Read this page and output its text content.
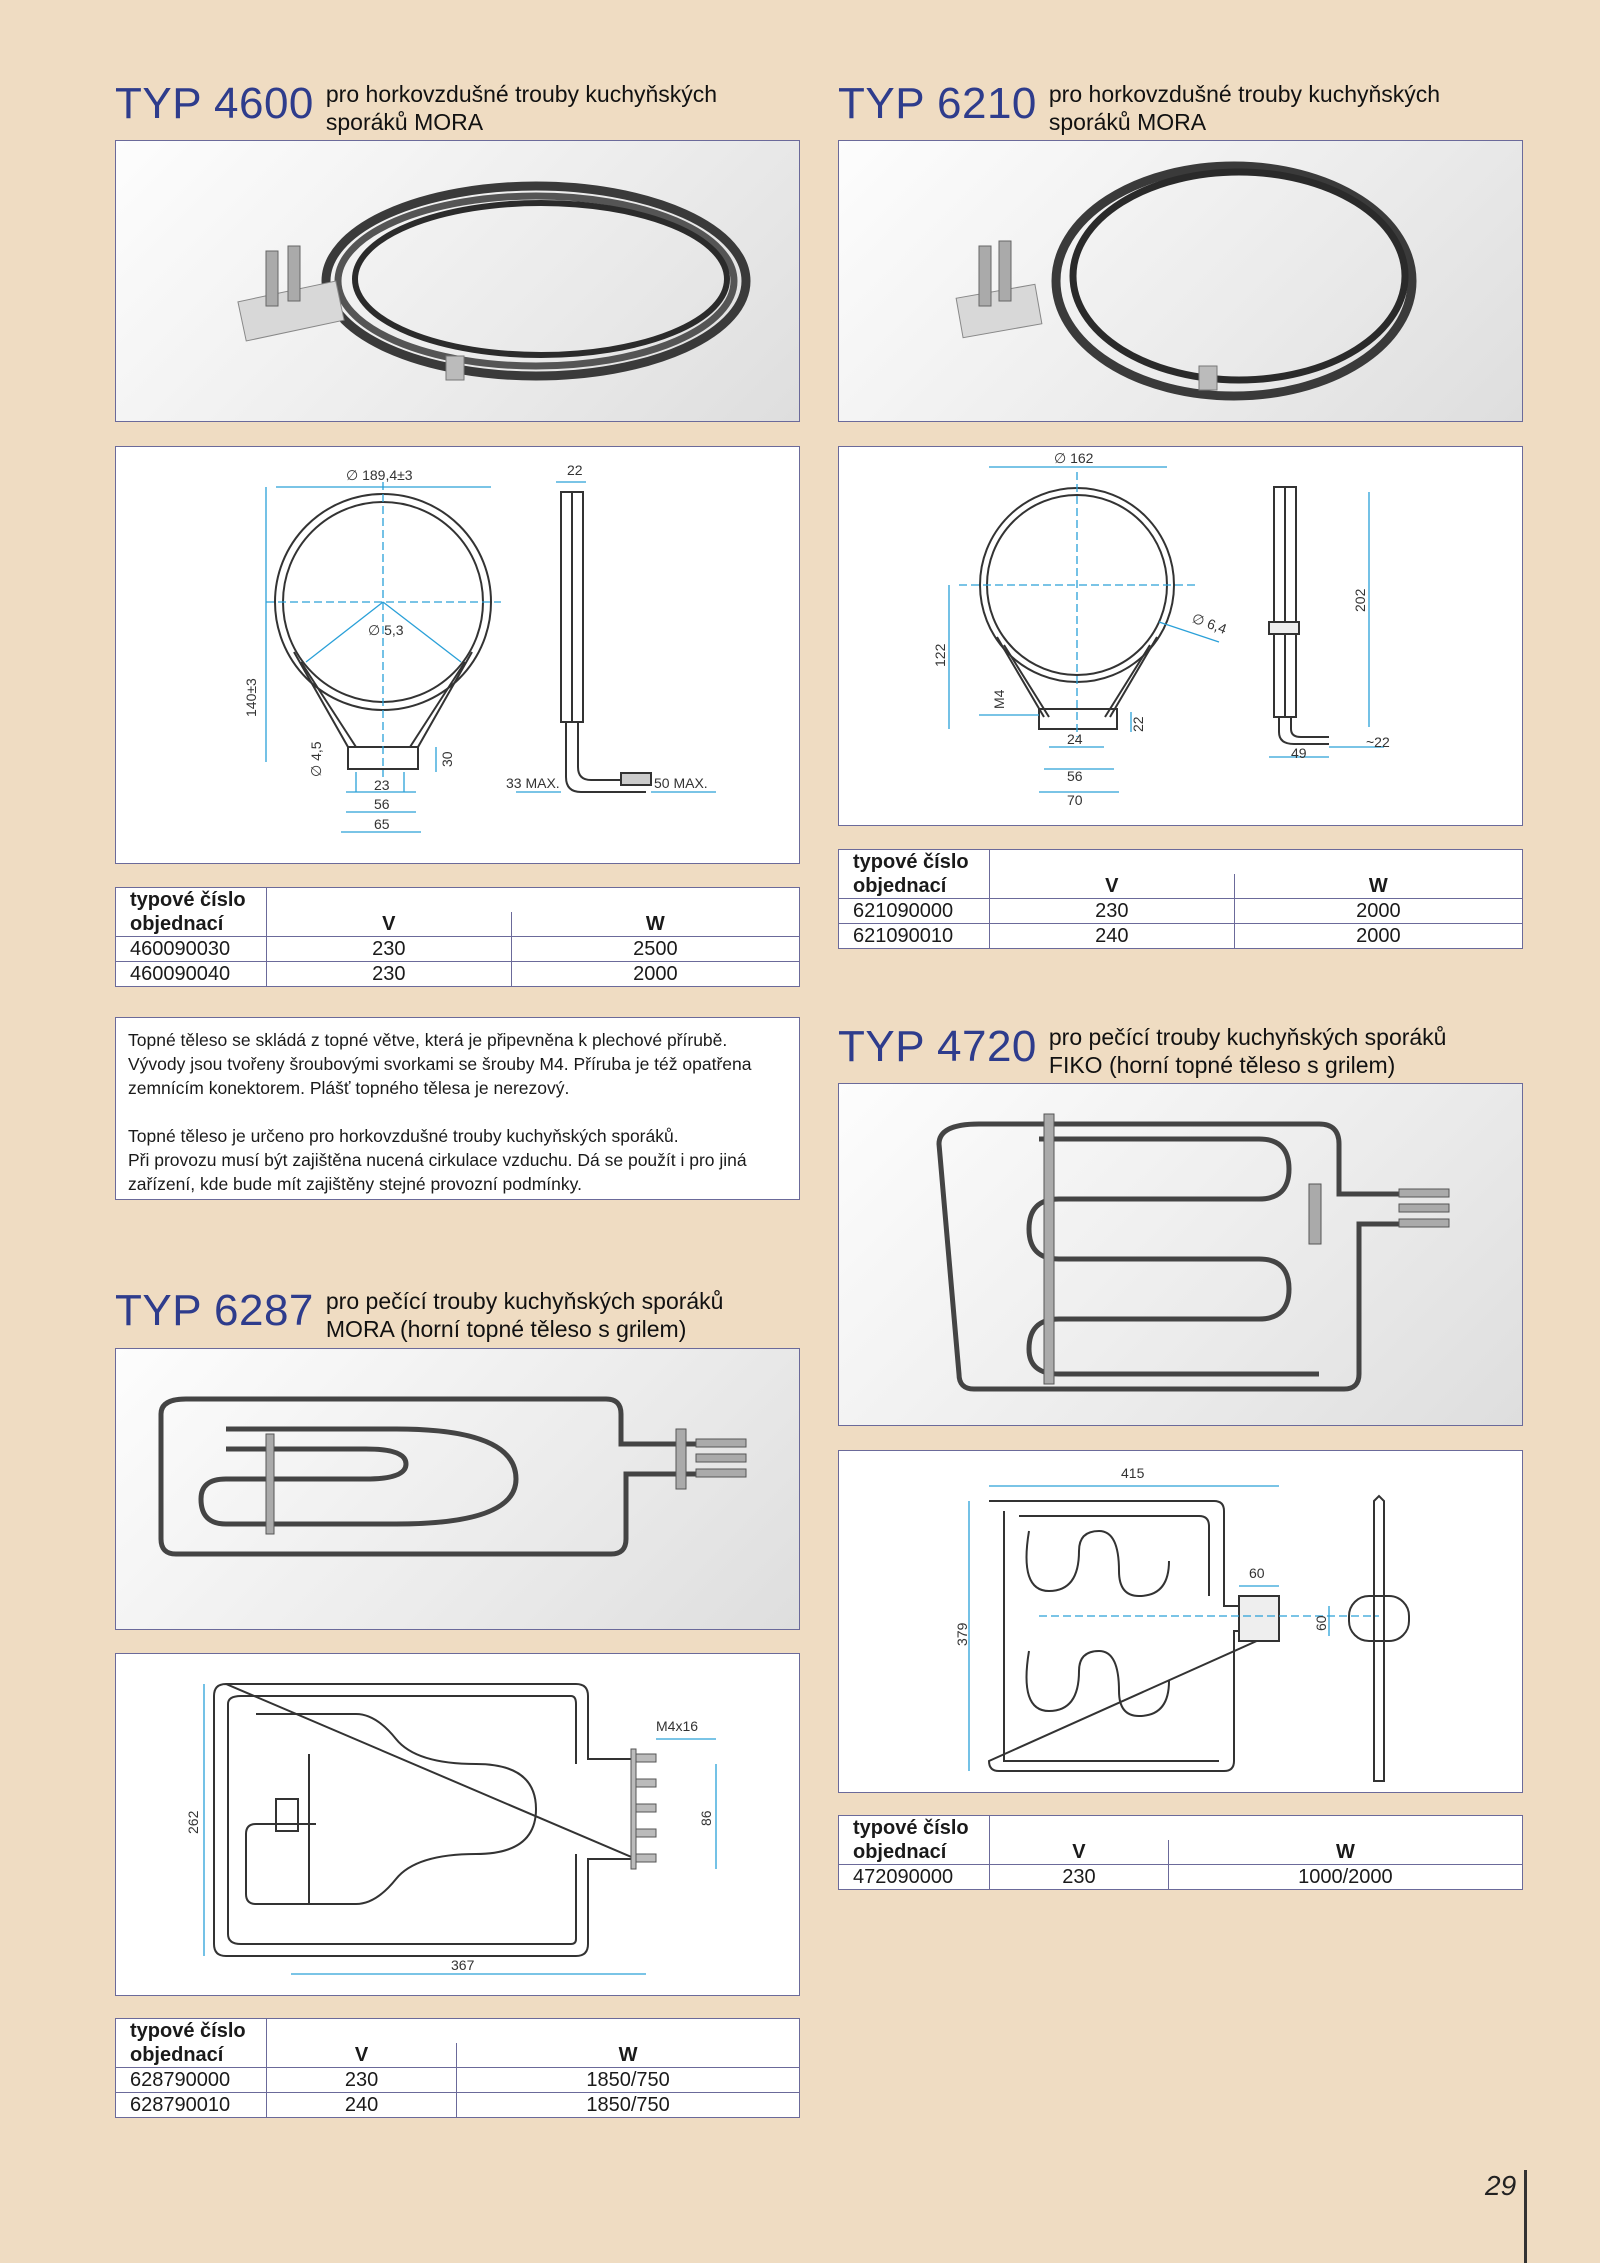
TYP 4600 pro horkovzdušné trouby kuchyňských
sporáků MORA
∅ 189,4±3	22
∅ 5,3
140±3
∅ 4,5	30
23
56
65
33 MAX.	50 MAX.
typové číslo		
objednací	V	W
460090030	230	2500
460090040	230	2000

Topné těleso se skládá z topné větve, která je připevněna k plechové přírubě.
Vývody jsou tvořeny šroubovými svorkami se šrouby M4. Příruba je též opatřena
zemnícím konektorem. Plášť topného tělesa je nerezový.

Topné těleso je určeno pro horkovzdušné trouby kuchyňských sporáků.
Při provozu musí být zajištěna nucená cirkulace vzduchu. Dá se použít i pro jiná
zařízení, kde bude mít zajištěny stejné provozní podmínky.

TYP 6210 pro horkovzdušné trouby kuchyňských
sporáků MORA
∅ 162
∅ 6,4
122
M4
22
24
56
70
202
49
~22
typové číslo		
objednací	V	W
621090000	230	2000
621090010	240	2000
TYP 4720 pro pečící trouby kuchyňských sporáků
FIKO (horní topné těleso s grilem)
415
60
379	60
typové číslo		
objednací	V	W
472090000	230	1000/2000
TYP 6287 pro pečící trouby kuchyňských sporáků
MORA (horní topné těleso s grilem)
M4x16
262	86
367
typové číslo		
objednací	V	W
628790000	230	1850/750
628790010	240	1850/750
29
